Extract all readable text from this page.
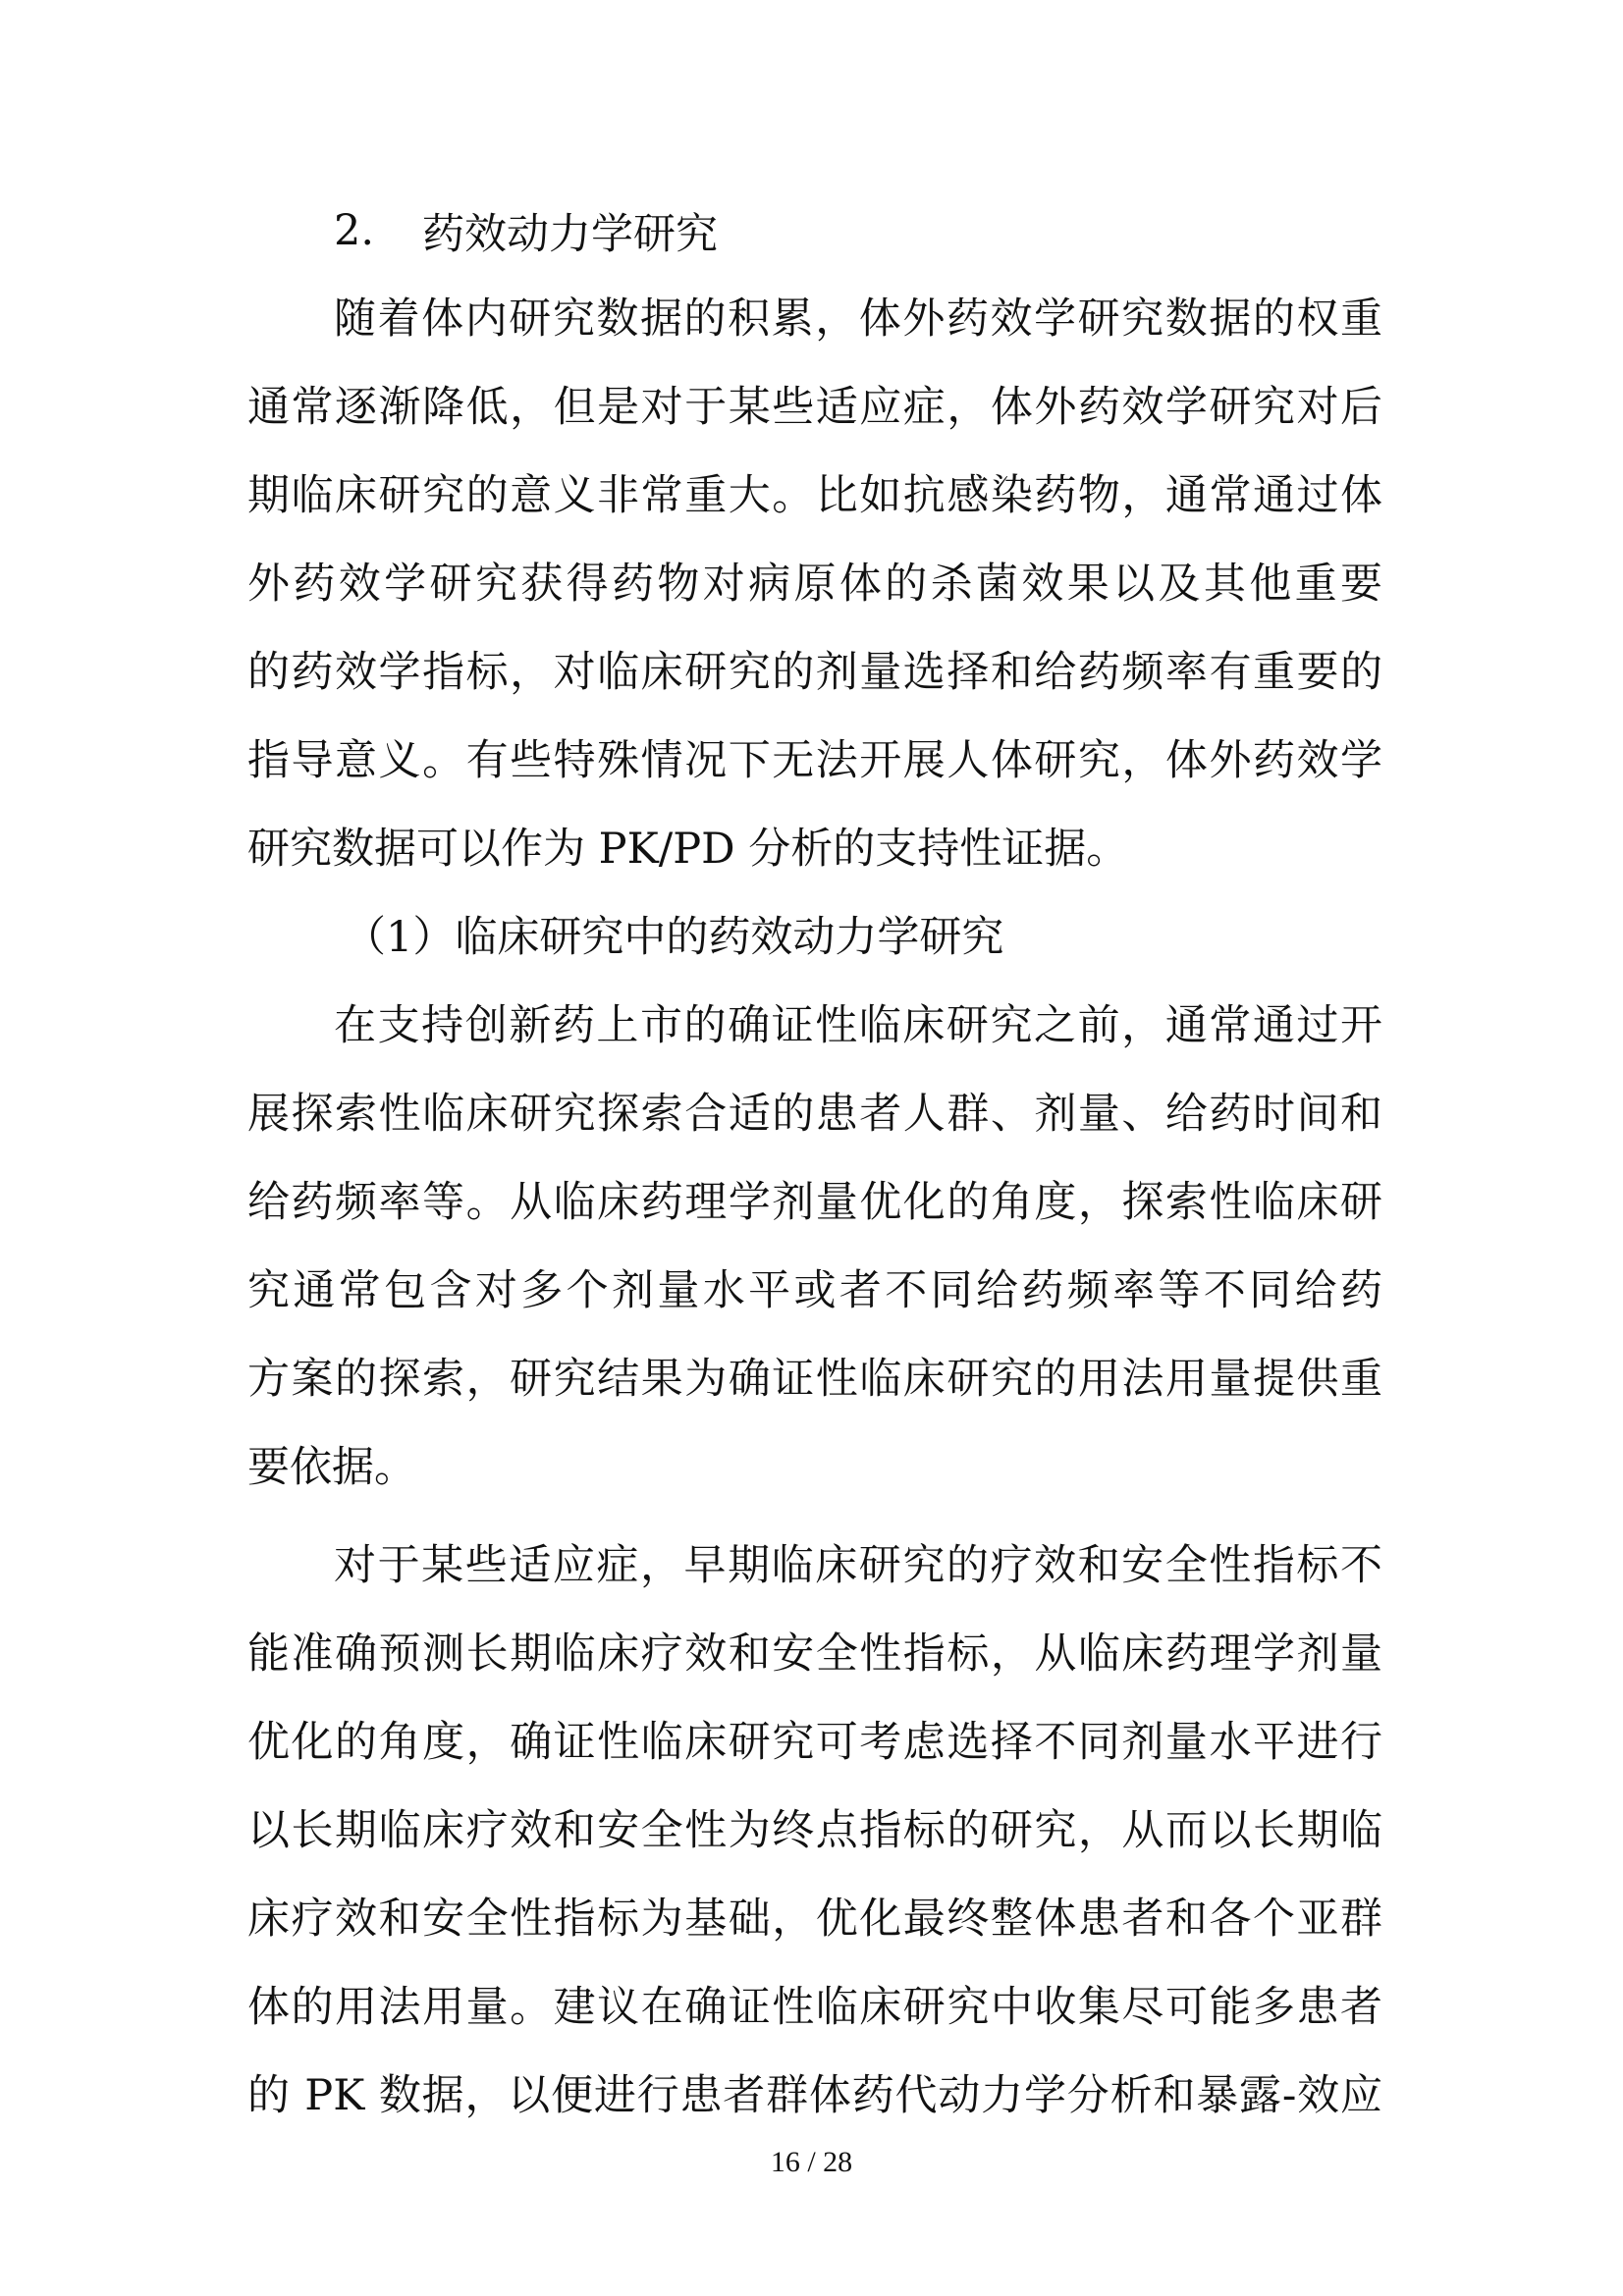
2.	药效动力学研究
随着体内研究数据的积累，体外药效学研究数据的权重
通常逐渐降低，但是对于某些适应症，体外药效学研究对后
期临床研究的意义非常重大。比如抗感染药物，通常通过体
外药效学研究获得药物对病原体的杀菌效果以及其他重要
的药效学指标，对临床研究的剂量选择和给药频率有重要的
指导意义。有些特殊情况下无法开展人体研究，体外药效学
研究数据可以作为 PK/PD 分析的支持性证据。
（1）临床研究中的药效动力学研究
在支持创新药上市的确证性临床研究之前，通常通过开
展探索性临床研究探索合适的患者人群、剂量、给药时间和
给药频率等。从临床药理学剂量优化的角度，探索性临床研
究通常包含对多个剂量水平或者不同给药频率等不同给药
方案的探索，研究结果为确证性临床研究的用法用量提供重
要依据。
对于某些适应症，早期临床研究的疗效和安全性指标不
能准确预测长期临床疗效和安全性指标，从临床药理学剂量
优化的角度，确证性临床研究可考虑选择不同剂量水平进行
以长期临床疗效和安全性为终点指标的研究，从而以长期临
床疗效和安全性指标为基础，优化最终整体患者和各个亚群
体的用法用量。建议在确证性临床研究中收集尽可能多患者
的 PK 数据，以便进行患者群体药代动力学分析和暴露-效应
16 / 28
